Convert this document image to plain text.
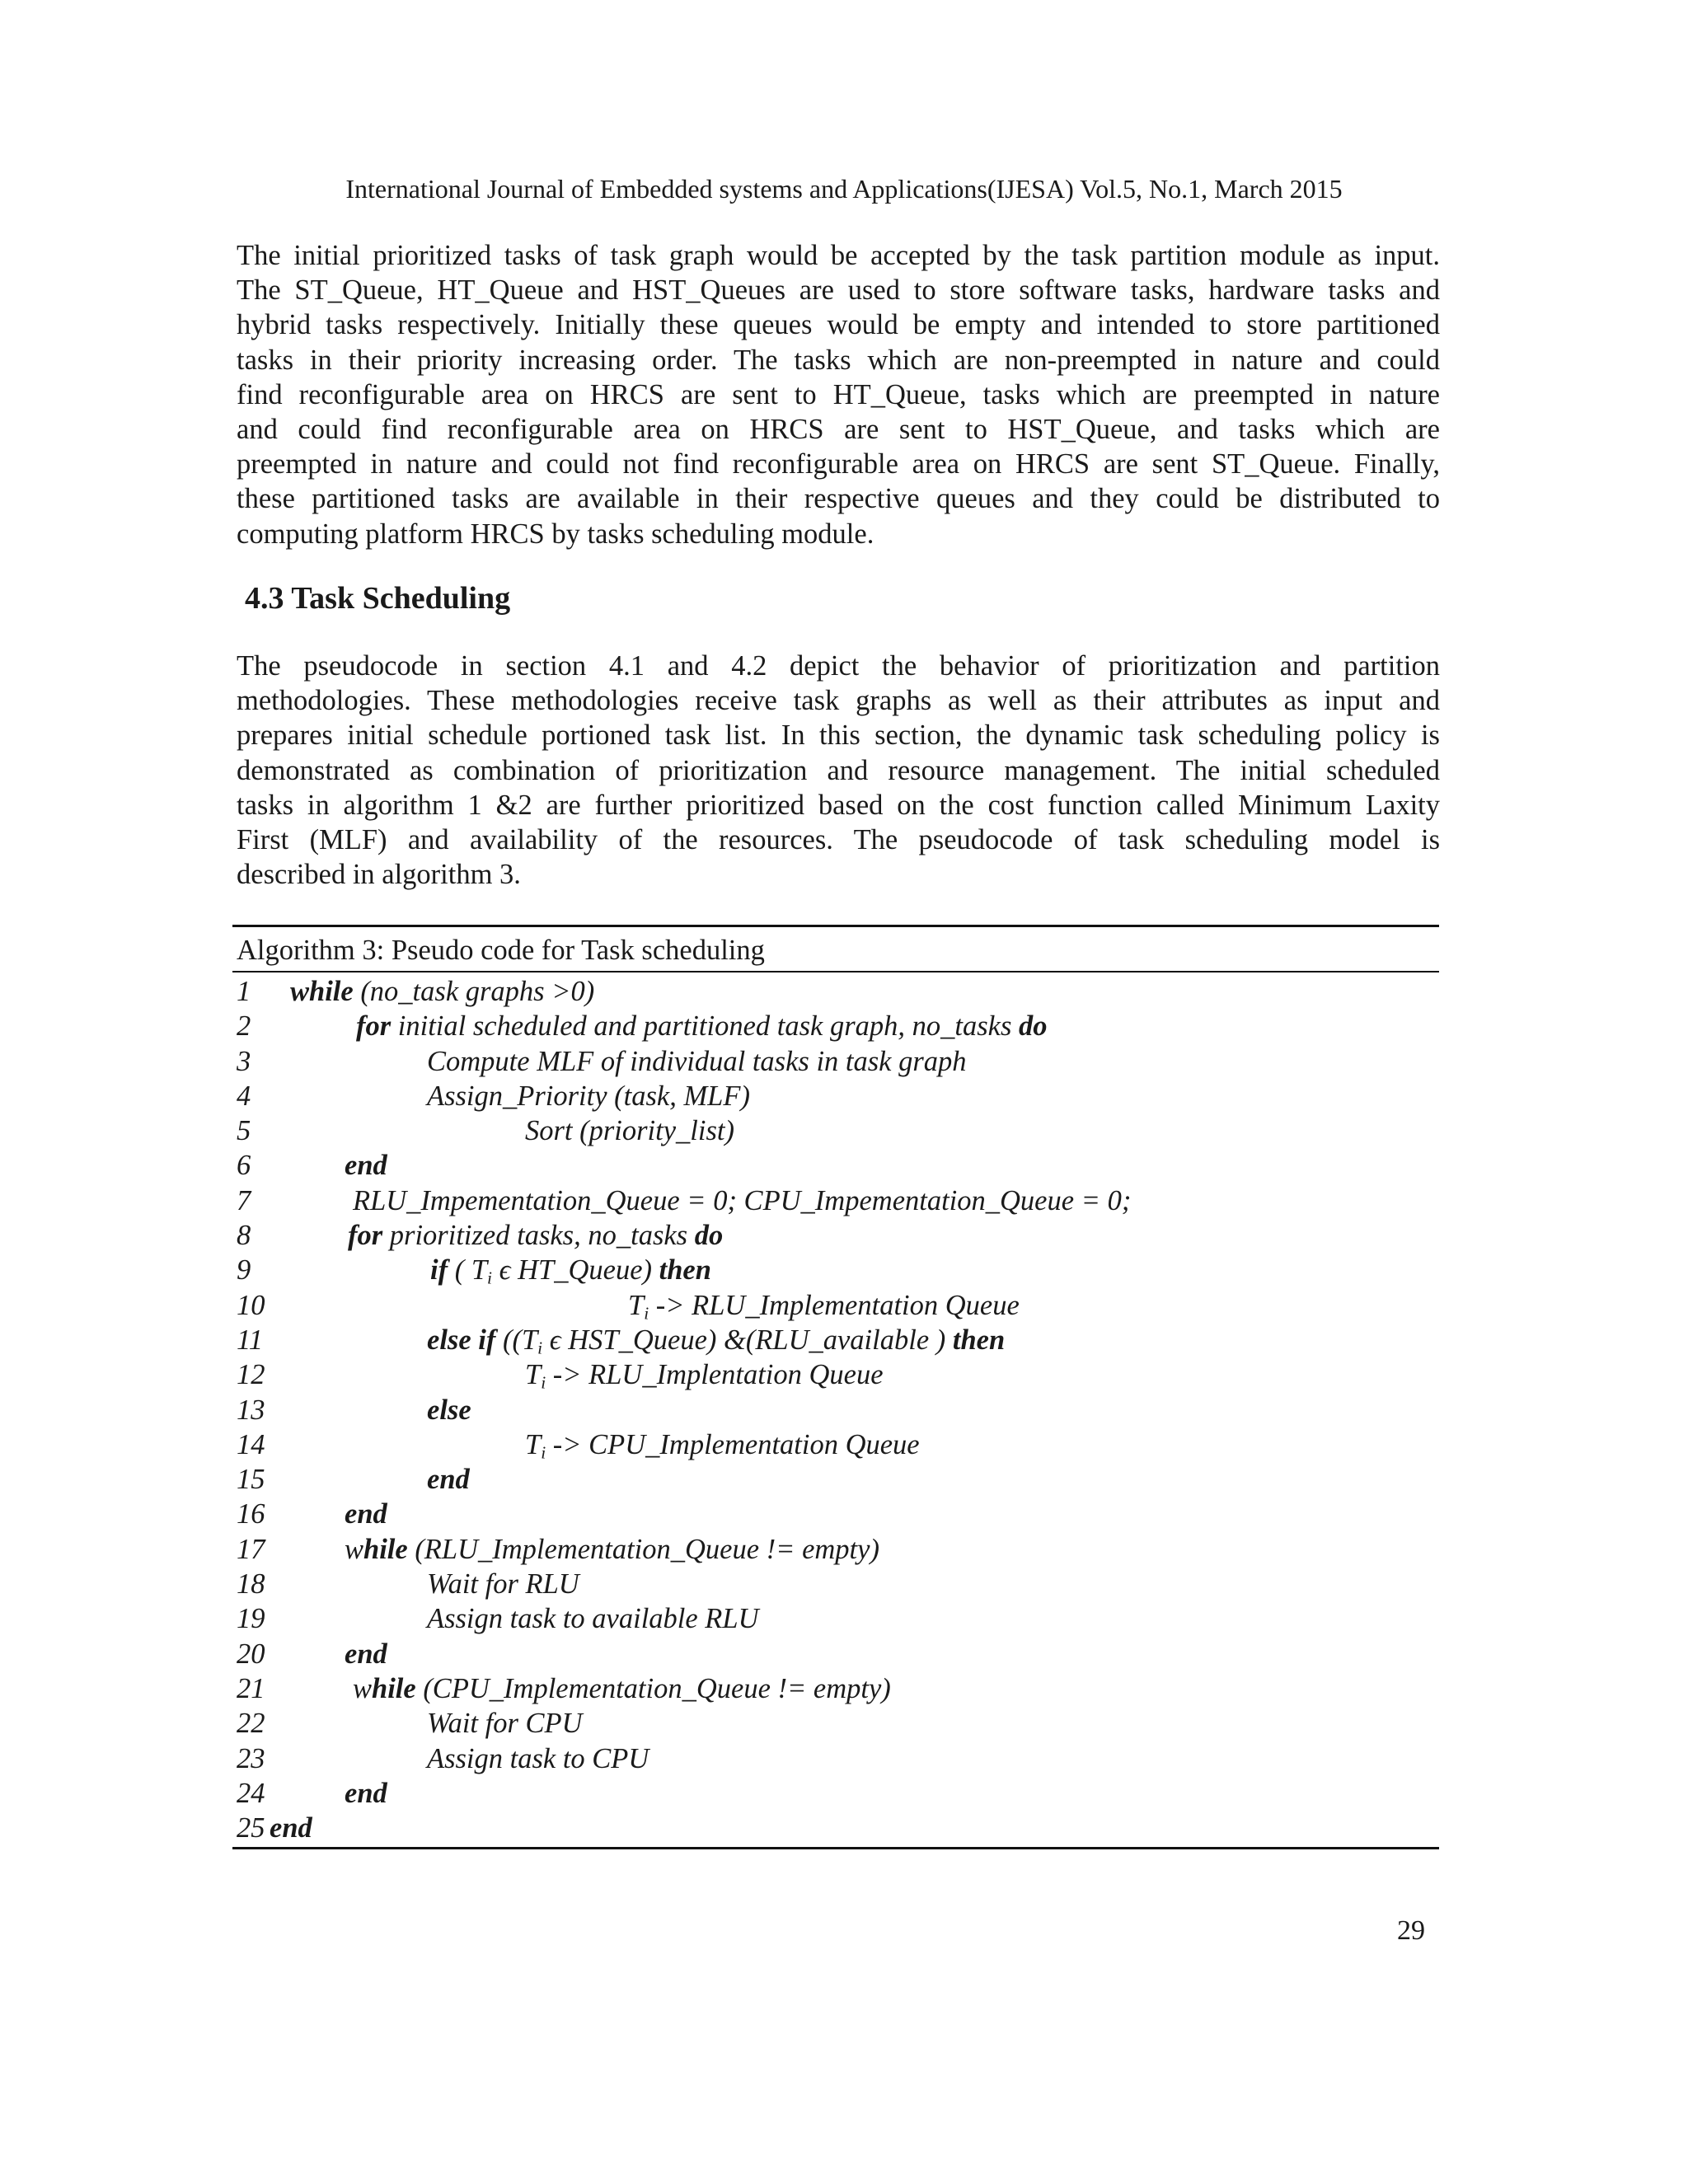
International Journal of Embedded systems and Applications(IJESA) Vol.5, No.1, March 2015

The initial prioritized tasks of task graph would be accepted by the task partition module as input.
The ST_Queue, HT_Queue and HST_Queues are used to store software tasks, hardware tasks and
hybrid tasks respectively. Initially these queues would be empty and intended to store partitioned
tasks in their priority increasing order. The tasks which are non-preempted in nature and could
find reconfigurable area on HRCS are sent to HT_Queue, tasks which are preempted in nature
and could find reconfigurable area on HRCS are sent to HST_Queue, and tasks which are
preempted in nature and could not find reconfigurable area on HRCS are sent ST_Queue. Finally,
these partitioned tasks are available in their respective queues and they could be distributed to
computing platform HRCS by tasks scheduling module.

4.3 Task Scheduling

The pseudocode in section 4.1 and 4.2 depict the behavior of prioritization and partition
methodologies. These methodologies receive task graphs as well as their attributes as input and
prepares initial schedule portioned task list. In this section, the dynamic task scheduling policy is
demonstrated as combination of prioritization and resource management. The initial scheduled
tasks in algorithm 1 &2 are further prioritized based on the cost function called Minimum Laxity
First (MLF) and availability of the resources. The pseudocode of task scheduling model is
described in algorithm 3.

Algorithm 3: Pseudo code for Task scheduling
1 while (no_task graphs >0)
2	for initial scheduled and partitioned task graph, no_tasks do
3	Compute MLF of individual tasks in task graph
4	Assign_Priority (task, MLF)
5	Sort (priority_list)
6	end
7	RLU_Impementation_Queue = 0; CPU_Impementation_Queue = 0;
8	for prioritized tasks, no_tasks do
9	if ( $T_i$ ϵ HT_Queue) then
10	$T_i$ -> RLU_Implementation Queue
11	else if (($T_i$ ϵ HST_Queue) &(RLU_available ) then
12	$T_i$ -> RLU_Implentation Queue
13	else
14	$T_i$ -> CPU_Implementation Queue
15	end
16	end
17	while (RLU_Implementation_Queue != empty)
18	Wait for RLU
19	Assign task to available RLU
20	end
21	while (CPU_Implementation_Queue != empty)
22	Wait for CPU
23	Assign task to CPU
24	end
25 end
29
